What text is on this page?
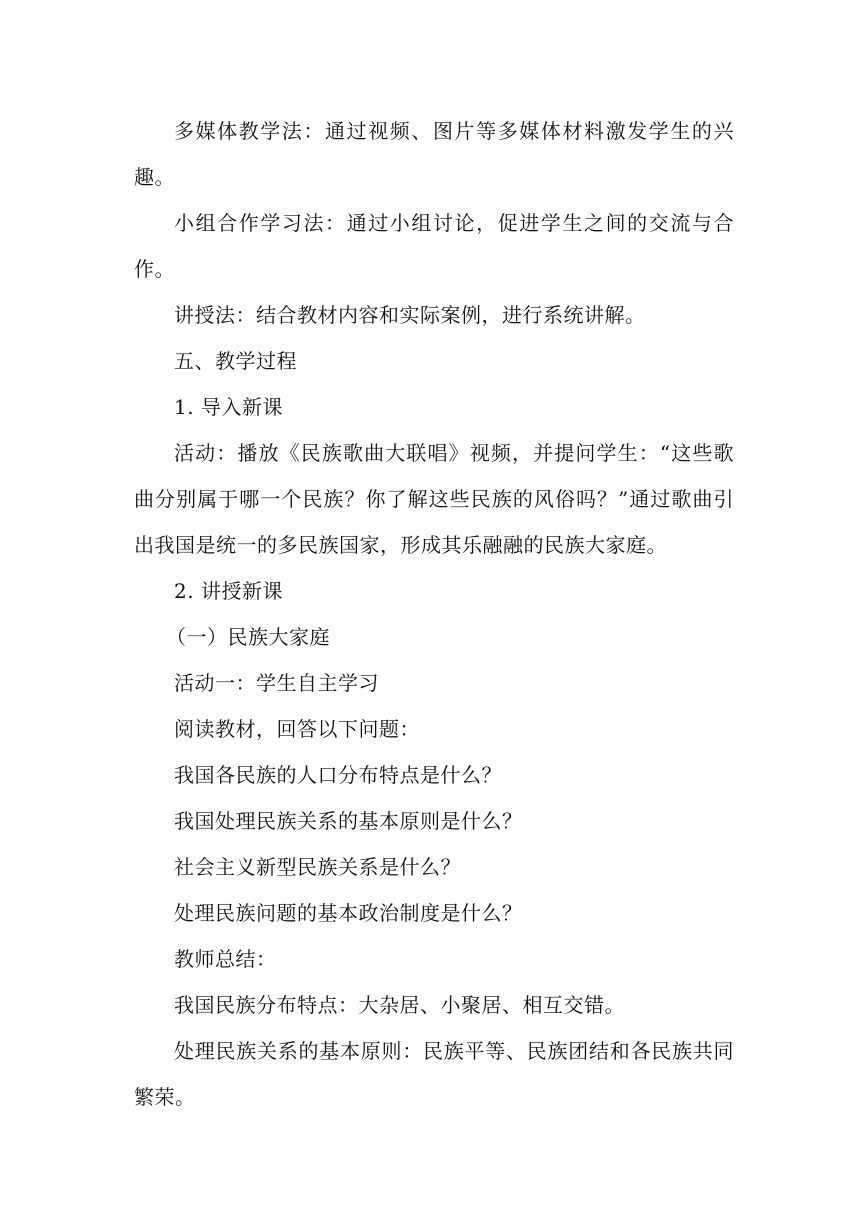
多媒体教学法：通过视频、图片等多媒体材料激发学生的兴趣。

小组合作学习法：通过小组讨论，促进学生之间的交流与合作。

讲授法：结合教材内容和实际案例，进行系统讲解。

五、教学过程

1. 导入新课

活动：播放《民族歌曲大联唱》视频，并提问学生：“这些歌曲分别属于哪一个民族？你了解这些民族的风俗吗？”通过歌曲引出我国是统一的多民族国家，形成其乐融融的民族大家庭。

2. 讲授新课

（一）民族大家庭

活动一：学生自主学习

阅读教材，回答以下问题：

我国各民族的人口分布特点是什么？

我国处理民族关系的基本原则是什么？

社会主义新型民族关系是什么？

处理民族问题的基本政治制度是什么？

教师总结：

我国民族分布特点：大杂居、小聚居、相互交错。

处理民族关系的基本原则：民族平等、民族团结和各民族共同繁荣。
